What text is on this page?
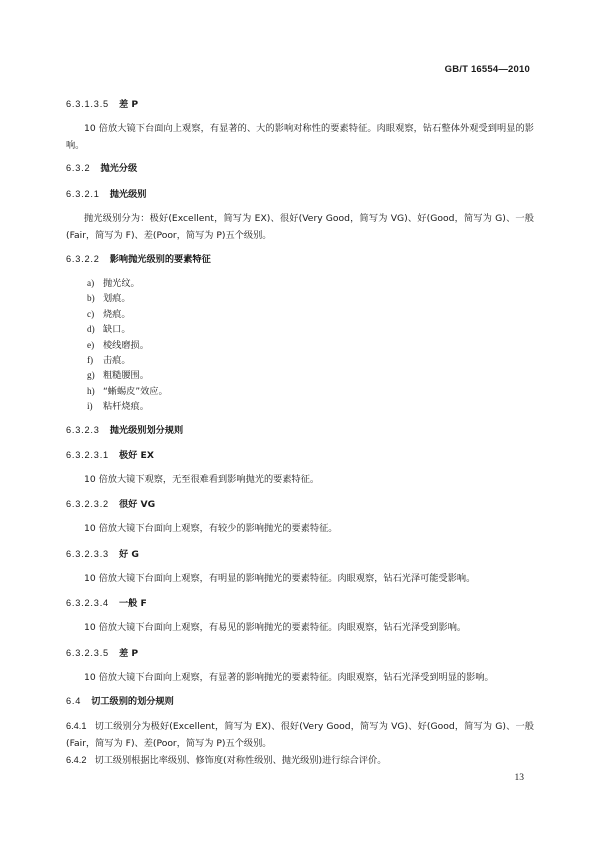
GB/T 16554—2010
6.3.1.3.5 差 P
10 倍放大镜下台面向上观察，有显著的、大的影响对称性的要素特征。肉眼观察，钻石整体外观受到明显的影响。
6.3.2 抛光分级
6.3.2.1 抛光级别
抛光级别分为：极好(Excellent，简写为 EX)、很好(Very Good，简写为 VG)、好(Good，简写为 G)、一般(Fair，简写为 F)、差(Poor，简写为 P)五个级别。
6.3.2.2 影响抛光级别的要素特征
a) 抛光纹。
b) 划痕。
c) 烧痕。
d) 缺口。
e) 棱线磨损。
f)	击痕。
g) 粗糙腰围。
h) “蜥蜴皮”效应。
i)	粘杆烧痕。
6.3.2.3 抛光级别划分规则
6.3.2.3.1 极好 EX
10 倍放大镜下观察，无至很难看到影响抛光的要素特征。
6.3.2.3.2 很好 VG
10 倍放大镜下台面向上观察，有较少的影响抛光的要素特征。
6.3.2.3.3 好 G
10 倍放大镜下台面向上观察，有明显的影响抛光的要素特征。肉眼观察，钻石光泽可能受影响。
6.3.2.3.4 一般 F
10 倍放大镜下台面向上观察，有易见的影响抛光的要素特征。肉眼观察，钻石光泽受到影响。
6.3.2.3.5 差 P
10 倍放大镜下台面向上观察，有显著的影响抛光的要素特征。肉眼观察，钻石光泽受到明显的影响。
6.4 切工级别的划分规则
6.4.1 切工级别分为极好(Excellent，简写为 EX)、很好(Very Good，简写为 VG)、好(Good，简写为 G)、一般(Fair，简写为 F)、差(Poor，简写为 P)五个级别。
6.4.2 切工级别根据比率级别、修饰度(对称性级别、抛光级别)进行综合评价。
13
